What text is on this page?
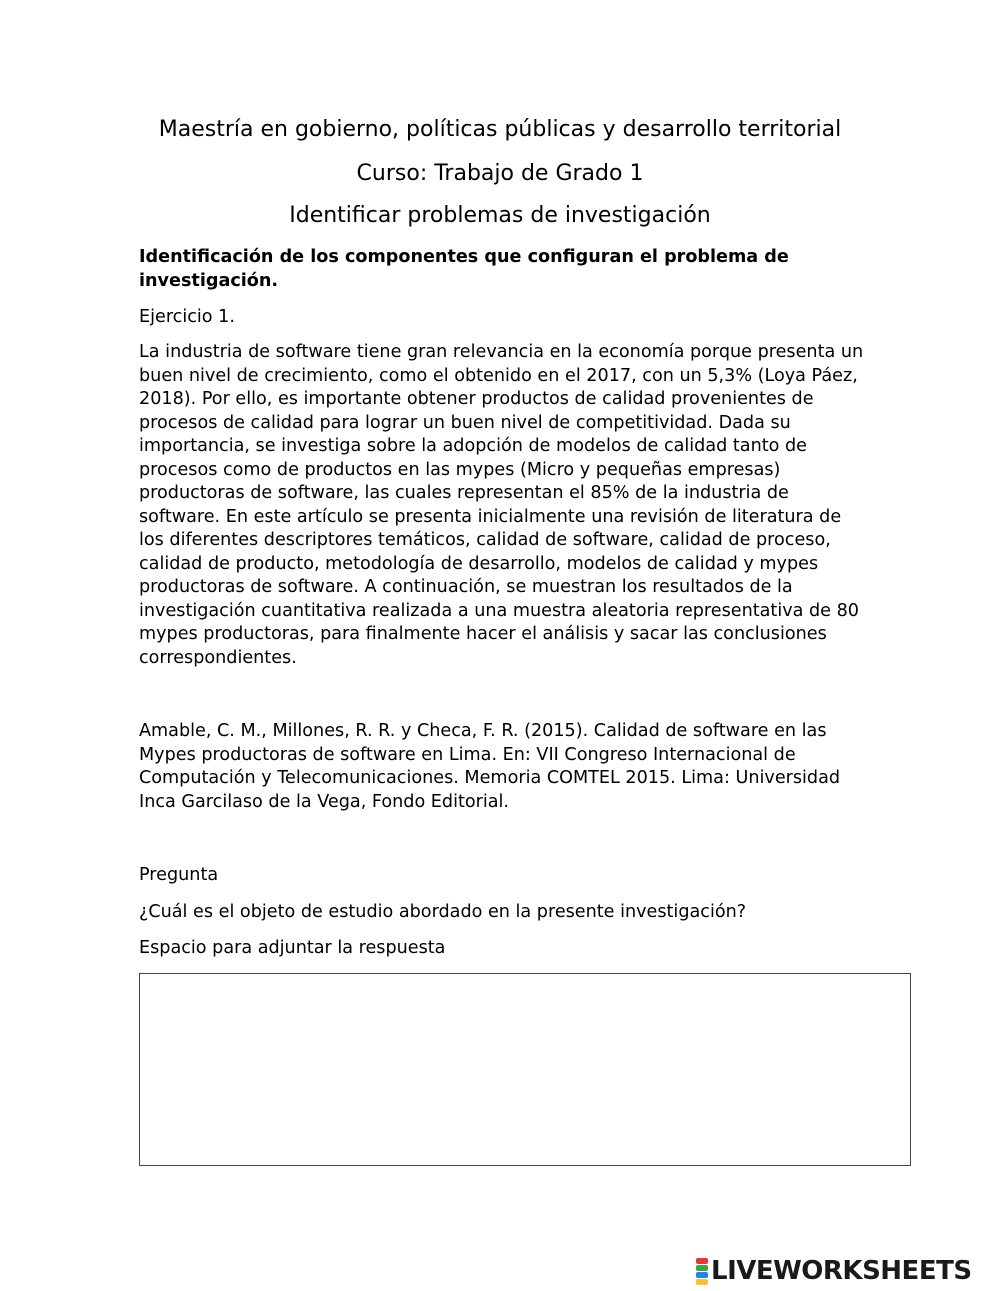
Maestría en gobierno, políticas públicas y desarrollo territorial
Curso: Trabajo de Grado 1
Identificar problemas de investigación
Identificación de los componentes que configuran el problema de investigación.
Ejercicio 1.
La industria de software tiene gran relevancia en la economía porque presenta un buen nivel de crecimiento, como el obtenido en el 2017, con un 5,3% (Loya Páez, 2018). Por ello, es importante obtener productos de calidad provenientes de procesos de calidad para lograr un buen nivel de competitividad. Dada su importancia, se investiga sobre la adopción de modelos de calidad tanto de procesos como de productos en las mypes (Micro y pequeñas empresas) productoras de software, las cuales representan el 85% de la industria de software. En este artículo se presenta inicialmente una revisión de literatura de los diferentes descriptores temáticos, calidad de software, calidad de proceso, calidad de producto, metodología de desarrollo, modelos de calidad y mypes productoras de software. A continuación, se muestran los resultados de la investigación cuantitativa realizada a una muestra aleatoria representativa de 80 mypes productoras, para finalmente hacer el análisis y sacar las conclusiones correspondientes.
Amable, C. M., Millones, R. R. y Checa, F. R. (2015). Calidad de software en las Mypes productoras de software en Lima. En: VII Congreso Internacional de Computación y Telecomunicaciones. Memoria COMTEL 2015. Lima: Universidad Inca Garcilaso de la Vega, Fondo Editorial.
Pregunta
¿Cuál es el objeto de estudio abordado en la presente investigación?
Espacio para adjuntar la respuesta
LIVEWORKSHEETS
